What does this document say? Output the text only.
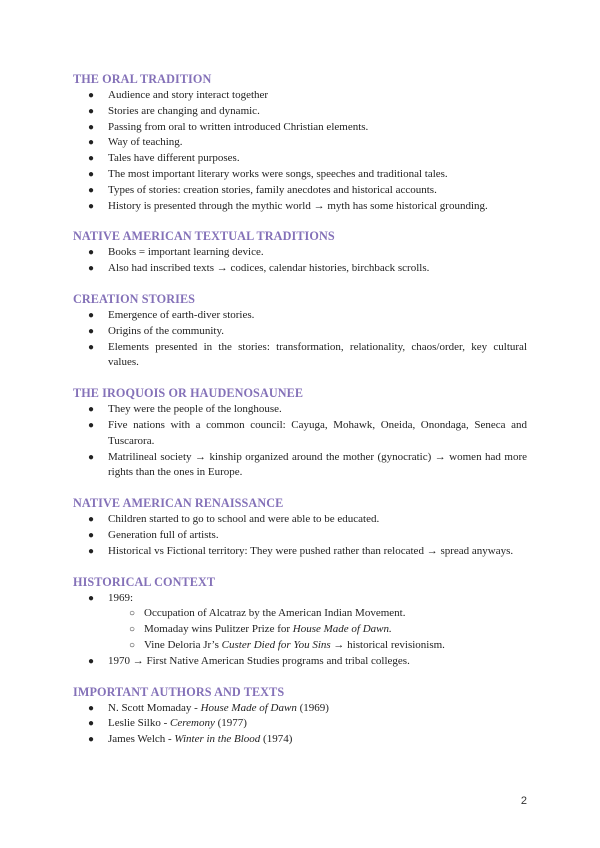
THE ORAL TRADITION
● Audience and story interact together
● Stories are changing and dynamic.
● Passing from oral to written introduced Christian elements.
● Way of teaching.
● Tales have different purposes.
● The most important literary works were songs, speeches and traditional tales.
● Types of stories: creation stories, family anecdotes and historical accounts.
● History is presented through the mythic world → myth has some historical grounding.
NATIVE AMERICAN TEXTUAL TRADITIONS
● Books = important learning device.
● Also had inscribed texts → codices, calendar histories, birchback scrolls.
CREATION STORIES
● Emergence of earth-diver stories.
● Origins of the community.
● Elements presented in the stories: transformation, relationality, chaos/order, key cultural values.
THE IROQUOIS OR HAUDENOSAUNEE
● They were the people of the longhouse.
● Five nations with a common council: Cayuga, Mohawk, Oneida, Onondaga, Seneca and Tuscarora.
● Matrilineal society → kinship organized around the mother (gynocratic) → women had more rights than the ones in Europe.
NATIVE AMERICAN RENAISSANCE
● Children started to go to school and were able to be educated.
● Generation full of artists.
● Historical vs Fictional territory: They were pushed rather than relocated → spread anyways.
HISTORICAL CONTEXT
● 1969:
○ Occupation of Alcatraz by the American Indian Movement.
○ Momaday wins Pulitzer Prize for House Made of Dawn.
○ Vine Deloria Jr’s Custer Died for You Sins → historical revisionism.
● 1970 → First Native American Studies programs and tribal colleges.
IMPORTANT AUTHORS AND TEXTS
● N. Scott Momaday - House Made of Dawn (1969)
● Leslie Silko - Ceremony (1977)
● James Welch - Winter in the Blood (1974)
2
